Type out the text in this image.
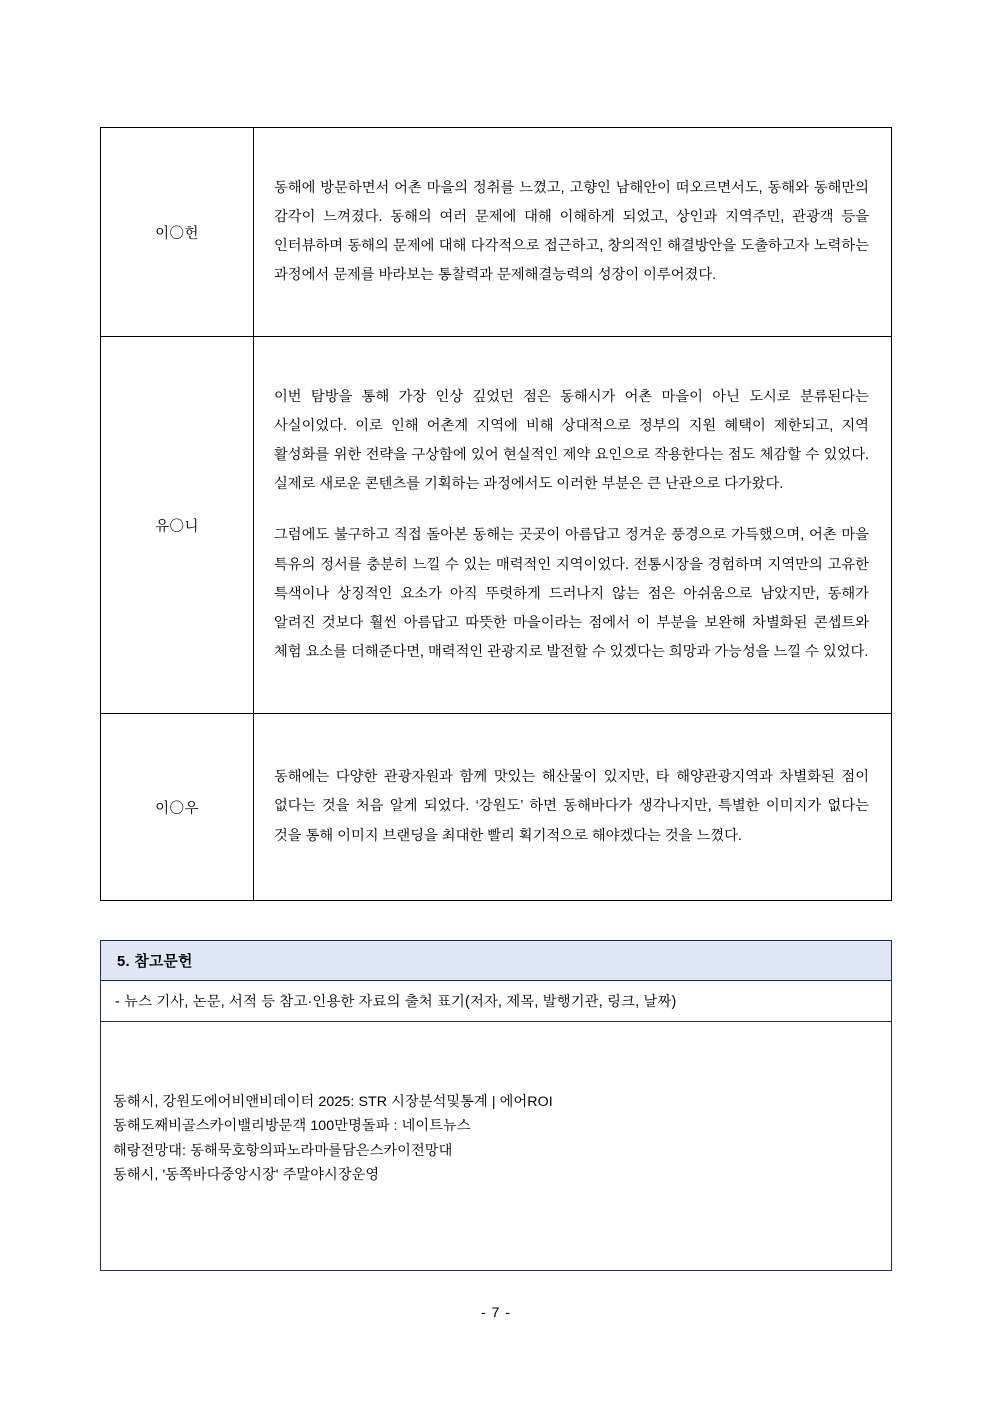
이〇헌	동해에 방문하면서 어촌 마을의 정취를 느꼈고, 고향인 남해안이 떠오르면서도, 동해와 동해만의 감각이 느껴졌다. 동해의 여러 문제에 대해 이해하게 되었고, 상인과 지역주민, 관광객 등을 인터뷰하며 동해의 문제에 대해 다각적으로 접근하고, 창의적인 해결방안을 도출하고자 노력하는 과정에서 문제를 바라보는 통찰력과 문제해결능력의 성장이 이루어졌다.

유〇니	이번 탐방을 통해 가장 인상 깊었던 점은 동해시가 어촌 마을이 아닌 도시로 분류된다는 사실이었다. 이로 인해 어촌계 지역에 비해 상대적으로 정부의 지원 혜택이 제한되고, 지역 활성화를 위한 전략을 구상함에 있어 현실적인 제약 요인으로 작용한다는 점도 체감할 수 있었다. 실제로 새로운 콘텐츠를 기획하는 과정에서도 이러한 부분은 큰 난관으로 다가왔다.

그럼에도 불구하고 직접 돌아본 동해는 곳곳이 아름답고 정겨운 풍경으로 가득했으며, 어촌 마을 특유의 정서를 충분히 느낄 수 있는 매력적인 지역이었다. 전통시장을 경험하며 지역만의 고유한 특색이나 상징적인 요소가 아직 뚜렷하게 드러나지 않는 점은 아쉬움으로 남았지만, 동해가 알려진 것보다 훨씬 아름답고 따뜻한 마을이라는 점에서 이 부분을 보완해 차별화된 콘셉트와 체험 요소를 더해준다면, 매력적인 관광지로 발전할 수 있겠다는 희망과 가능성을 느낄 수 있었다.

이〇우	동해에는 다양한 관광자원과 함께 맛있는 해산물이 있지만, 타 해양관광지역과 차별화된 점이 없다는 것을 처음 알게 되었다. ‘강원도’ 하면 동해바다가 생각나지만, 특별한 이미지가 없다는 것을 통해 이미지 브랜딩을 최대한 빨리 획기적으로 해야겠다는 것을 느꼈다.

5. 참고문헌
- 뉴스 기사, 논문, 서적 등 참고·인용한 자료의 출처 표기(저자, 제목, 발행기관, 링크, 날짜)
동해시, 강원도에어비앤비데이터 2025: STR 시장분석및통계 | 에어ROI
동해도째비골스카이밸리방문객 100만명돌파 : 네이트뉴스
해랑전망대: 동해묵호항의파노라마를담은스카이전망대
동해시, '동쪽바다중앙시장' 주말야시장운영
- 7 -
